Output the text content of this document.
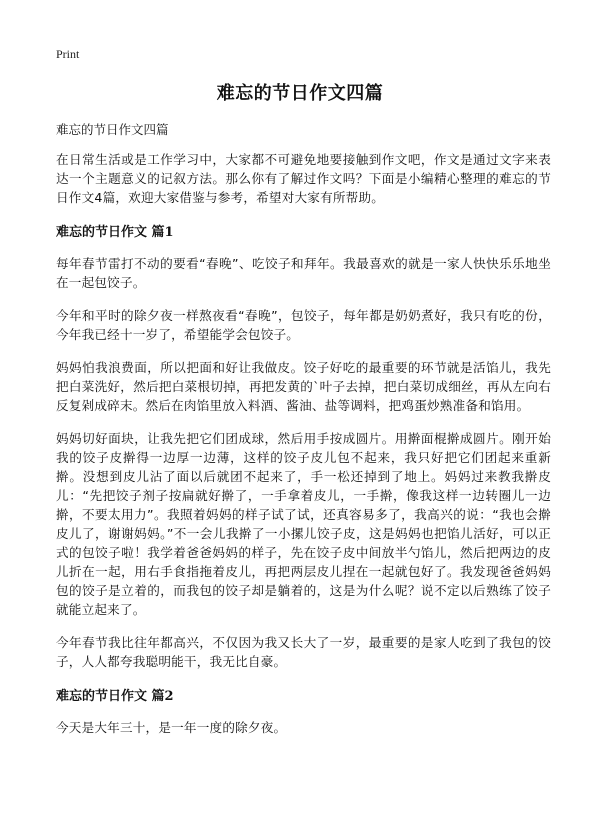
Print
难忘的节日作文四篇
难忘的节日作文四篇

在日常生活或是工作学习中，大家都不可避免地要接触到作文吧，作文是通过文字来表达一个主题意义的记叙方法。那么你有了解过作文吗？下面是小编精心整理的难忘的节日作文4篇，欢迎大家借鉴与参考，希望对大家有所帮助。

难忘的节日作文 篇1

每年春节雷打不动的要看“春晚”、吃饺子和拜年。我最喜欢的就是一家人快快乐乐地坐在一起包饺子。

今年和平时的除夕夜一样熬夜看“春晚”，包饺子，每年都是奶奶煮好，我只有吃的份，今年我已经十一岁了，希望能学会包饺子。

妈妈怕我浪费面，所以把面和好让我做皮。饺子好吃的最重要的环节就是活馅儿，我先把白菜洗好，然后把白菜根切掉，再把发黄的`叶子去掉，把白菜切成细丝，再从左向右反复剁成碎末。然后在肉馅里放入料酒、酱油、盐等调料，把鸡蛋炒熟准备和馅用。

妈妈切好面块，让我先把它们团成球，然后用手按成圆片。用擀面棍擀成圆片。刚开始我的饺子皮擀得一边厚一边薄，这样的饺子皮儿包不起来，我只好把它们团起来重新擀。没想到皮儿沾了面以后就团不起来了，手一松还掉到了地上。妈妈过来教我擀皮儿：“先把饺子剂子按扁就好擀了，一手拿着皮儿，一手擀，像我这样一边转圈儿一边擀，不要太用力”。我照着妈妈的样子试了试，还真容易多了，我高兴的说：“我也会擀皮儿了，谢谢妈妈。”不一会儿我擀了一小摞儿饺子皮，这是妈妈也把馅儿活好，可以正式的包饺子啦！我学着爸爸妈妈的样子，先在饺子皮中间放半勺馅儿，然后把两边的皮儿折在一起，用右手食指拖着皮儿，再把两层皮儿捏在一起就包好了。我发现爸爸妈妈包的饺子是立着的，而我包的饺子却是躺着的，这是为什么呢？说不定以后熟练了饺子就能立起来了。

今年春节我比往年都高兴，不仅因为我又长大了一岁，最重要的是家人吃到了我包的饺子，人人都夸我聪明能干，我无比自豪。

难忘的节日作文 篇2

今天是大年三十，是一年一度的除夕夜。
